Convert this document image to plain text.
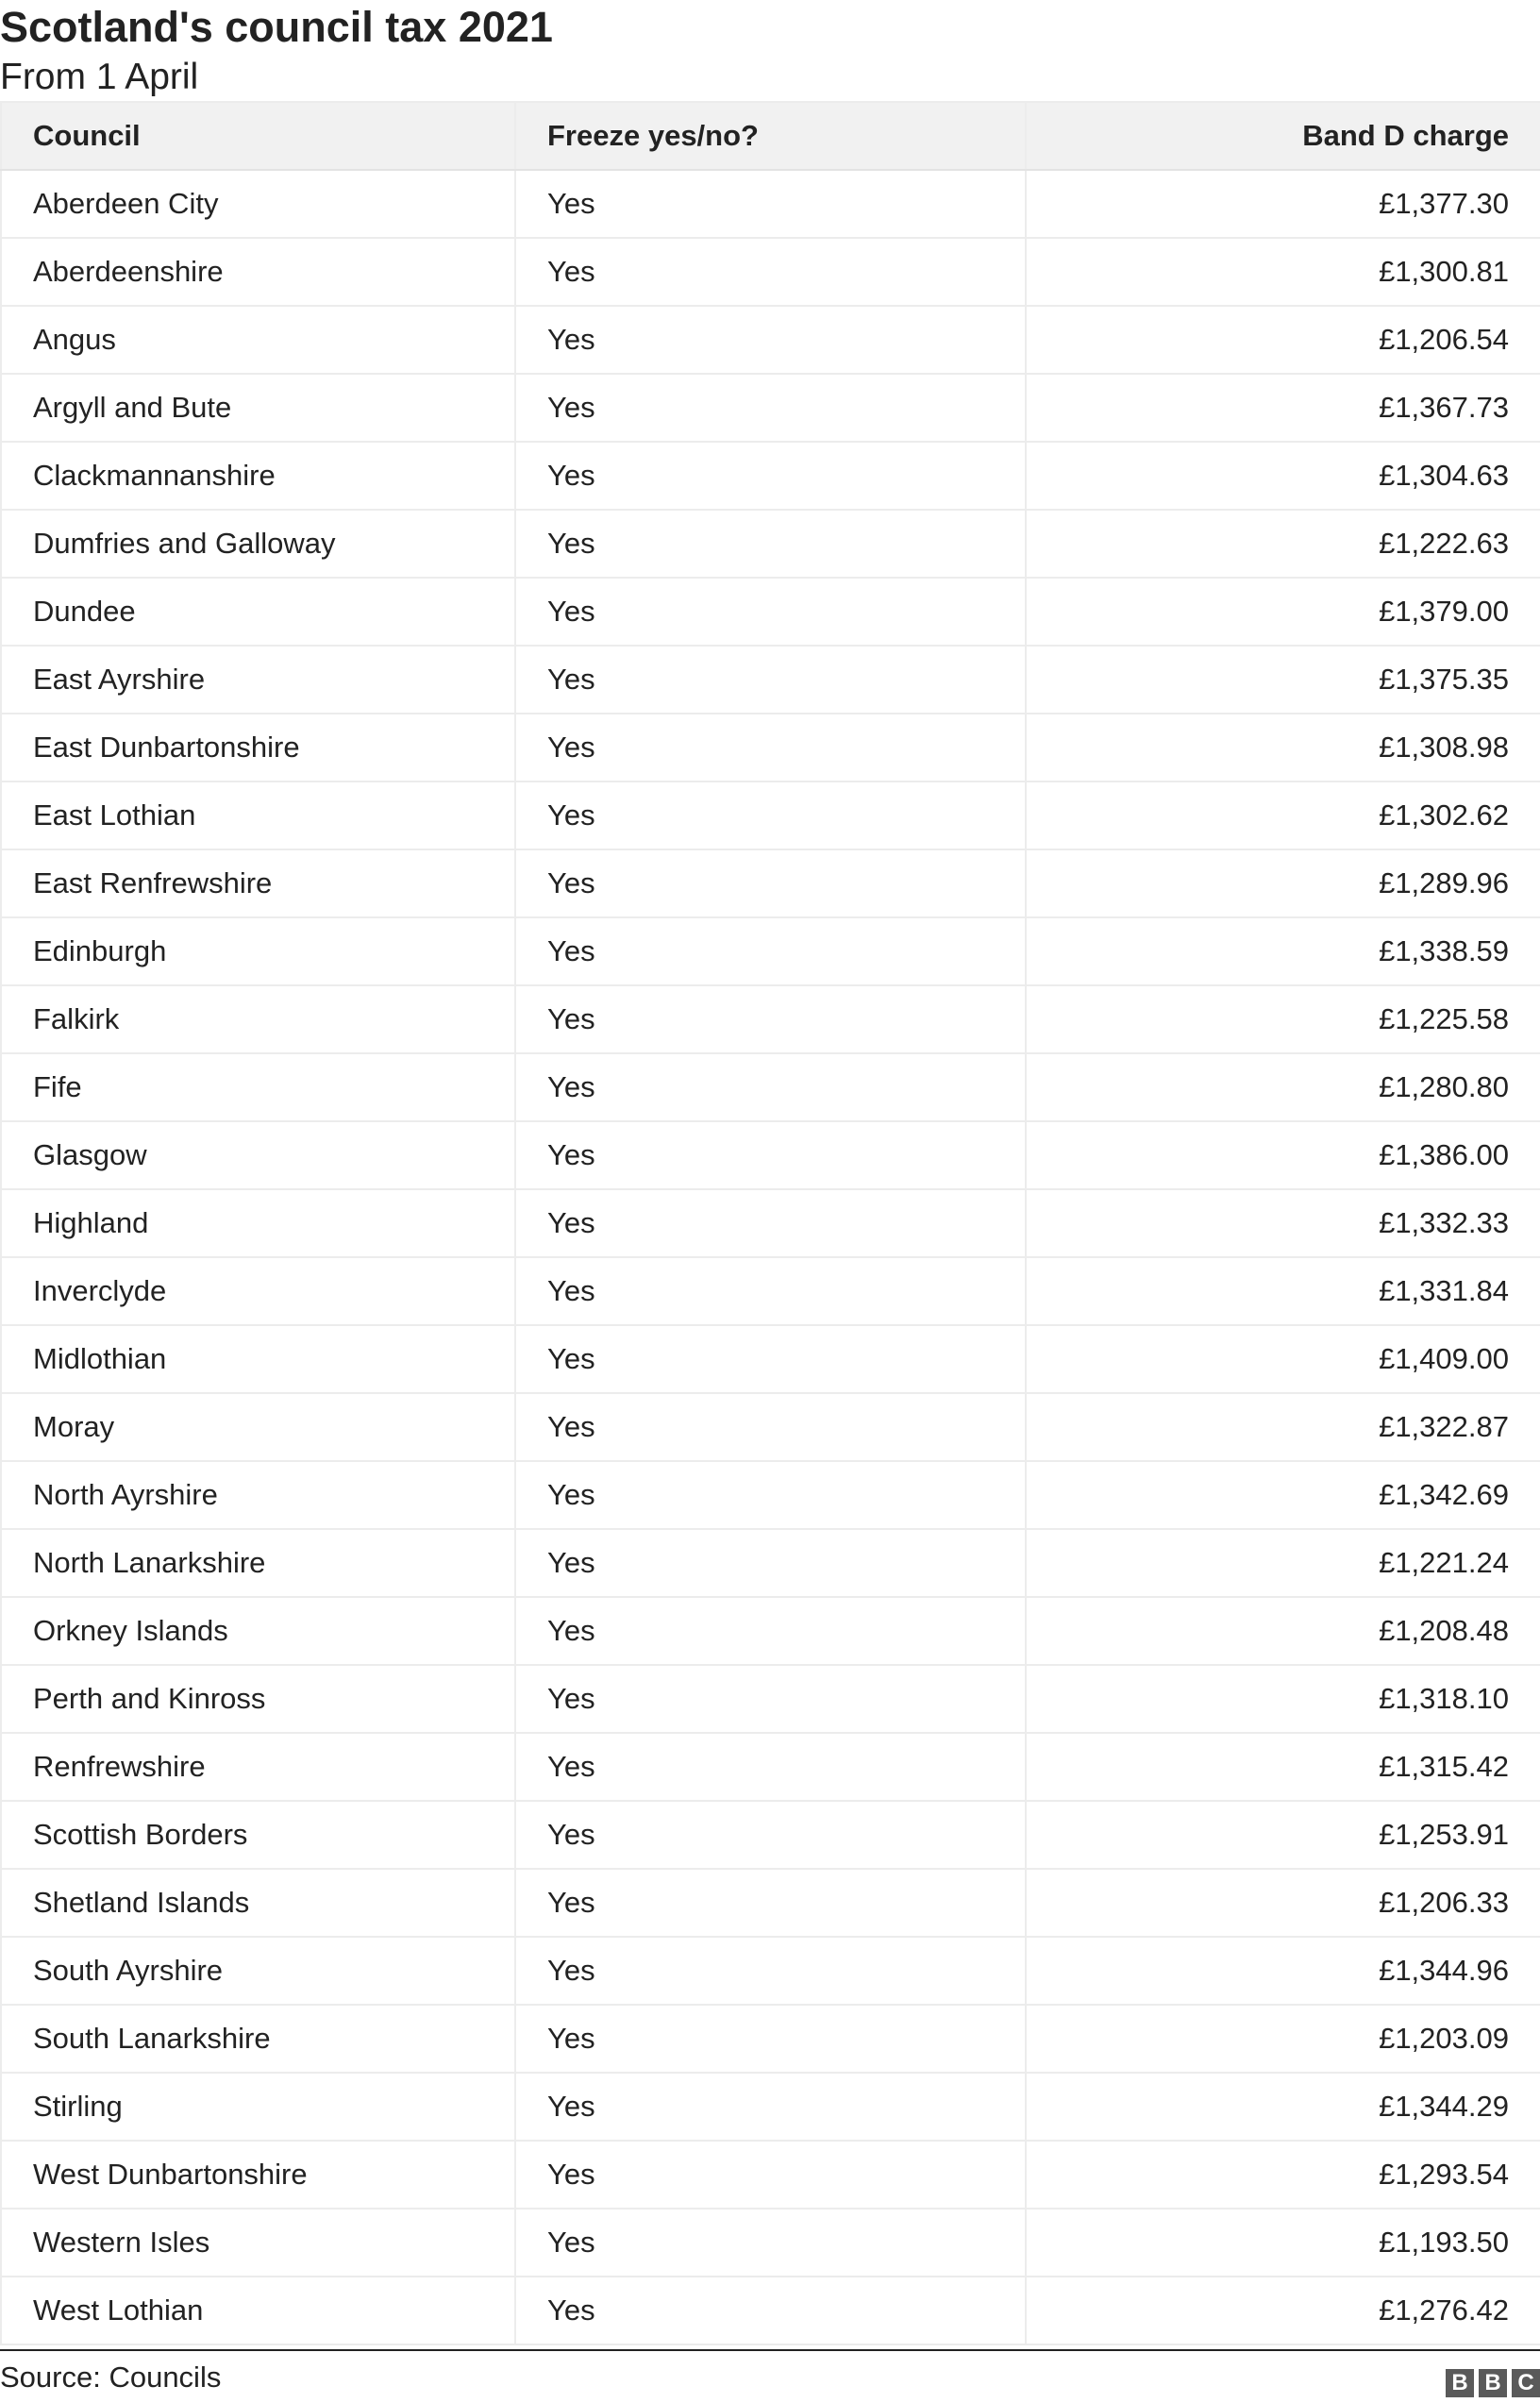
Scotland's council tax 2021
From 1 April
Council	Freeze yes/no?	Band D charge
Aberdeen City	Yes	£1,377.30
Aberdeenshire	Yes	£1,300.81
Angus	Yes	£1,206.54
Argyll and Bute	Yes	£1,367.73
Clackmannanshire	Yes	£1,304.63
Dumfries and Galloway	Yes	£1,222.63
Dundee	Yes	£1,379.00
East Ayrshire	Yes	£1,375.35
East Dunbartonshire	Yes	£1,308.98
East Lothian	Yes	£1,302.62
East Renfrewshire	Yes	£1,289.96
Edinburgh	Yes	£1,338.59
Falkirk	Yes	£1,225.58
Fife	Yes	£1,280.80
Glasgow	Yes	£1,386.00
Highland	Yes	£1,332.33
Inverclyde	Yes	£1,331.84
Midlothian	Yes	£1,409.00
Moray	Yes	£1,322.87
North Ayrshire	Yes	£1,342.69
North Lanarkshire	Yes	£1,221.24
Orkney Islands	Yes	£1,208.48
Perth and Kinross	Yes	£1,318.10
Renfrewshire	Yes	£1,315.42
Scottish Borders	Yes	£1,253.91
Shetland Islands	Yes	£1,206.33
South Ayrshire	Yes	£1,344.96
South Lanarkshire	Yes	£1,203.09
Stirling	Yes	£1,344.29
West Dunbartonshire	Yes	£1,293.54
Western Isles	Yes	£1,193.50
West Lothian	Yes	£1,276.42
Source: Councils	B B C
